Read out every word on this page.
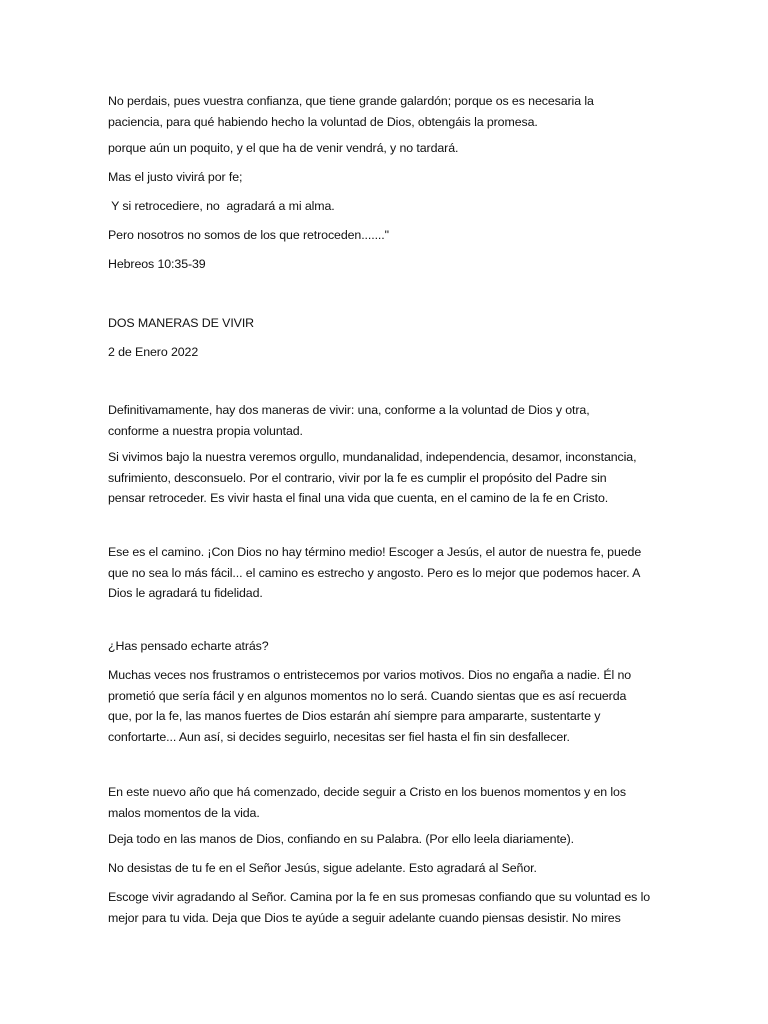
No perdais, pues vuestra confianza, que tiene grande galardón; porque os es necesaria la
paciencia, para qué habiendo hecho la voluntad de Dios, obtengáis la promesa.

porque aún un poquito, y el que ha de venir vendrá, y no tardará.

Mas el justo vivirá por fe;

Y si retrocediere, no  agradará a mi alma.

Pero nosotros no somos de los que retroceden......."

Hebreos 10:35-39

DOS MANERAS DE VIVIR

2 de Enero 2022

Definitivamamente, hay dos maneras de vivir: una, conforme a la voluntad de Dios y otra,
conforme a nuestra propia voluntad.

Si vivimos bajo la nuestra veremos orgullo, mundanalidad, independencia, desamor, inconstancia,
sufrimiento, desconsuelo. Por el contrario, vivir por la fe es cumplir el propósito del Padre sin
pensar retroceder. Es vivir hasta el final una vida que cuenta, en el camino de la fe en Cristo.

Ese es el camino. ¡Con Dios no hay término medio! Escoger a Jesús, el autor de nuestra fe, puede
que no sea lo más fácil... el camino es estrecho y angosto. Pero es lo mejor que podemos hacer. A
Dios le agradará tu fidelidad.

¿Has pensado echarte atrás?

Muchas veces nos frustramos o entristecemos por varios motivos. Dios no engaña a nadie. Él no
prometió que sería fácil y en algunos momentos no lo será. Cuando sientas que es así recuerda
que, por la fe, las manos fuertes de Dios estarán ahí siempre para ampararte, sustentarte y
confortarte... Aun así, si decides seguirlo, necesitas ser fiel hasta el fin sin desfallecer.

En este nuevo año que há comenzado, decide seguir a Cristo en los buenos momentos y en los
malos momentos de la vida.

Deja todo en las manos de Dios, confiando en su Palabra. (Por ello leela diariamente).

No desistas de tu fe en el Señor Jesús, sigue adelante. Esto agradará al Señor.

Escoge vivir agradando al Señor. Camina por la fe en sus promesas confiando que su voluntad es lo
mejor para tu vida. Deja que Dios te ayúde a seguir adelante cuando piensas desistir. No mires
